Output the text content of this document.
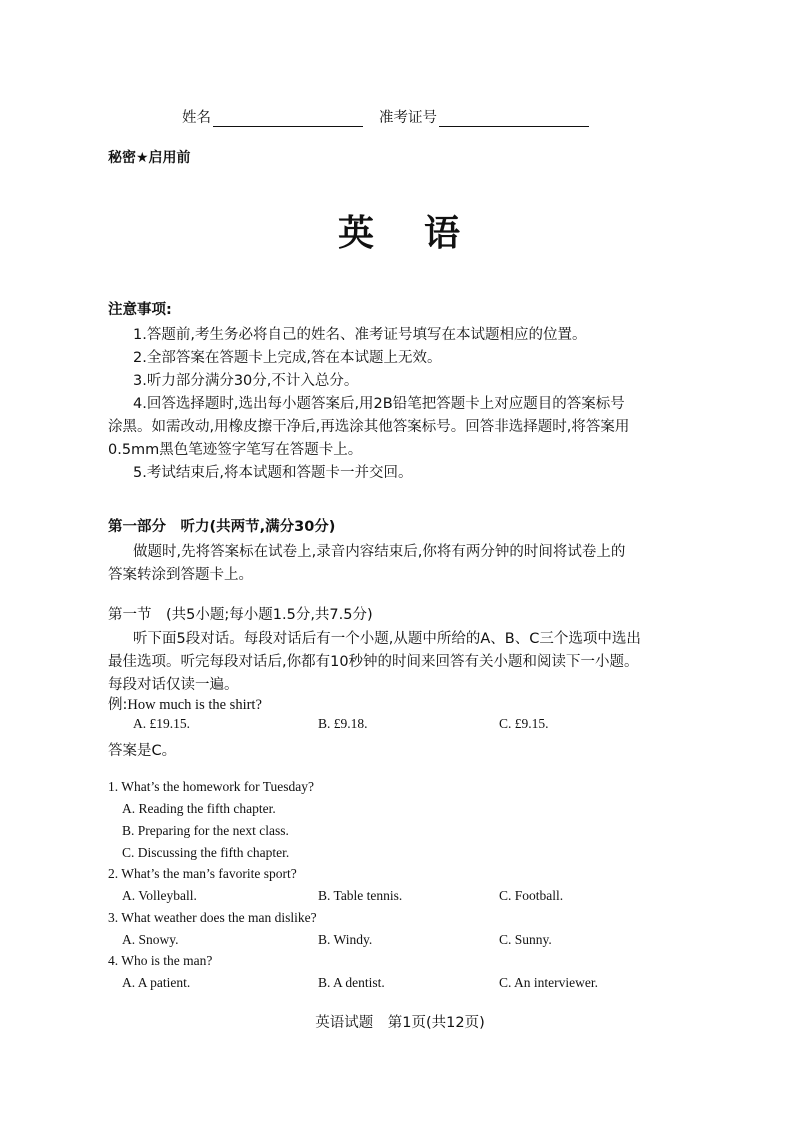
姓名	准考证号
秘密★启用前
英 语
注意事项:
1.答题前,考生务必将自己的姓名、准考证号填写在本试题相应的位置。
2.全部答案在答题卡上完成,答在本试题上无效。
3.听力部分满分30分,不计入总分。
4.回答选择题时,选出每小题答案后,用2B铅笔把答题卡上对应题目的答案标号
涂黑。如需改动,用橡皮擦干净后,再选涂其他答案标号。回答非选择题时,将答案用
0.5mm黑色笔迹签字笔写在答题卡上。
5.考试结束后,将本试题和答题卡一并交回。
第一部分　听力(共两节,满分30分)
做题时,先将答案标在试卷上,录音内容结束后,你将有两分钟的时间将试卷上的
答案转涂到答题卡上。
第一节　(共5小题;每小题1.5分,共7.5分)
听下面5段对话。每段对话后有一个小题,从题中所给的A、B、C三个选项中选出
最佳选项。听完每段对话后,你都有10秒钟的时间来回答有关小题和阅读下一小题。
每段对话仅读一遍。
例:How much is the shirt?
A. £19.15.	B. £9.18.	C. £9.15.
答案是C。
1. What’s the homework for Tuesday?
A. Reading the fifth chapter.
B. Preparing for the next class.
C. Discussing the fifth chapter.
2. What’s the man’s favorite sport?
A. Volleyball.	B. Table tennis.	C. Football.
3. What weather does the man dislike?
A. Snowy.	B. Windy.	C. Sunny.
4. Who is the man?
A. A patient.	B. A dentist.	C. An interviewer.
英语试题　第1页(共12页)
